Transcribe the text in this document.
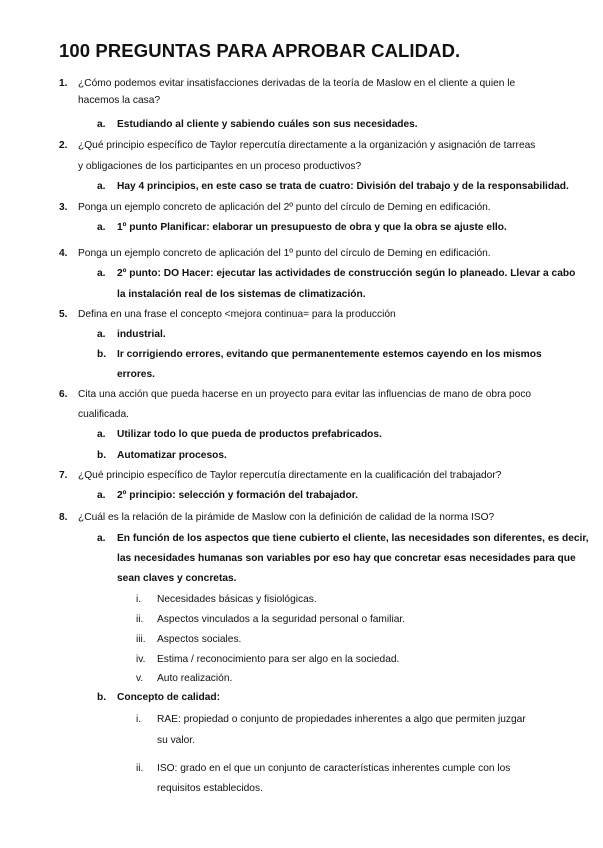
100 PREGUNTAS PARA APROBAR CALIDAD.
1. ¿Cómo podemos evitar insatisfacciones derivadas de la teoría de Maslow en el cliente a quien le
hacemos la casa?
a. Estudiando al cliente y sabiendo cuáles son sus necesidades.
2. ¿Qué principio específico de Taylor repercutía directamente a la organización y asignación de tarreas
y obligaciones de los participantes en un proceso productivos?
a. Hay 4 principios, en este caso se trata de cuatro: División del trabajo y de la responsabilidad.
3. Ponga un ejemplo concreto de aplicación del 2º punto del círculo de Deming en edificación.
a. 1º punto Planificar: elaborar un presupuesto de obra y que la obra se ajuste ello.
4. Ponga un ejemplo concreto de aplicación del 1º punto del círculo de Deming en edificación.
a. 2º punto: DO Hacer: ejecutar las actividades de construcción según lo planeado. Llevar a cabo
la instalación real de los sistemas de climatización.
5. Defina en una frase el concepto <mejora continua= para la producción
a. industrial.
b. Ir corrigiendo errores, evitando que permanentemente estemos cayendo en los mismos
errores.
6. Cita una acción que pueda hacerse en un proyecto para evitar las influencias de mano de obra poco
cualificada.
a. Utilizar todo lo que pueda de productos prefabricados.
b. Automatizar procesos.
7. ¿Qué principio específico de Taylor repercutía directamente en la cualificación del trabajador?
a. 2º principio: selección y formación del trabajador.
8. ¿Cuál es la relación de la pirámide de Maslow con la definición de calidad de la norma ISO?
a. En función de los aspectos que tiene cubierto el cliente, las necesidades son diferentes, es decir,
las necesidades humanas son variables por eso hay que concretar esas necesidades para que
sean claves y concretas.
i. Necesidades básicas y fisiológicas.
ii. Aspectos vinculados a la seguridad personal o familiar.
iii. Aspectos sociales.
iv. Estima / reconocimiento para ser algo en la sociedad.
v. Auto realización.
b. Concepto de calidad:
i. RAE: propiedad o conjunto de propiedades inherentes a algo que permiten juzgar
su valor.
ii. ISO: grado en el que un conjunto de características inherentes cumple con los
requisitos establecidos.
